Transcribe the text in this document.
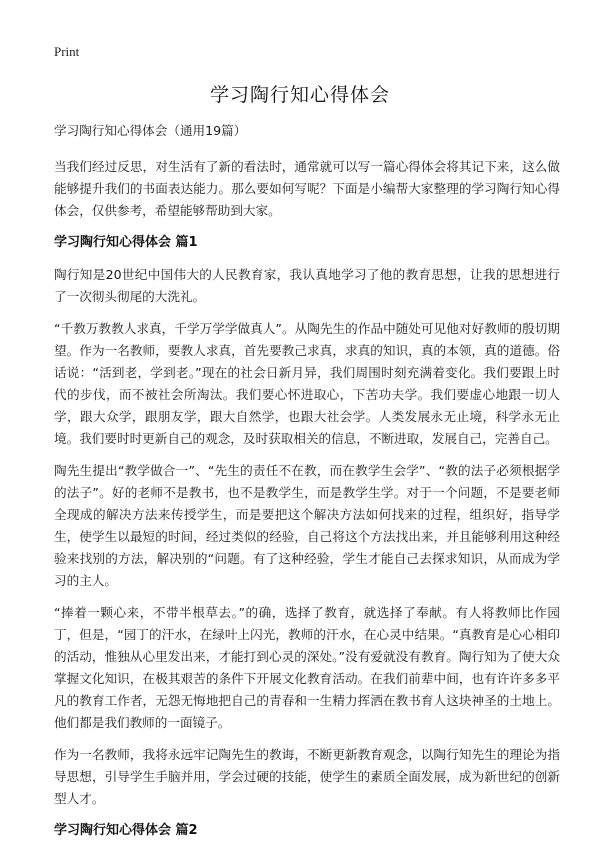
Print
学习陶行知心得体会

学习陶行知心得体会（通用19篇）

当我们经过反思，对生活有了新的看法时，通常就可以写一篇心得体会将其记下来，这么做能够提升我们的书面表达能力。那么要如何写呢？下面是小编帮大家整理的学习陶行知心得体会，仅供参考，希望能够帮助到大家。

学习陶行知心得体会 篇1

陶行知是20世纪中国伟大的人民教育家，我认真地学习了他的教育思想，让我的思想进行了一次彻头彻尾的大洗礼。

“千教万教教人求真，千学万学学做真人”。从陶先生的作品中随处可见他对好教师的殷切期望。作为一名教师，要教人求真，首先要教己求真，求真的知识，真的本领，真的道德。俗话说：“活到老，学到老。”现在的社会日新月异，我们周围时刻充满着变化。我们要跟上时代的步伐，而不被社会所淘汰。我们要心怀进取心，下苦功夫学。我们要虚心地跟一切人学，跟大众学，跟朋友学，跟大自然学，也跟大社会学。人类发展永无止境，科学永无止境。我们要时时更新自己的观念，及时获取相关的信息，不断进取，发展自己，完善自己。

陶先生提出“教学做合一”、“先生的责任不在教，而在教学生会学”、“教的法子必须根据学的法子”。好的老师不是教书，也不是教学生，而是教学生学。对于一个问题，不是要老师全现成的解决方法来传授学生，而是要把这个解决方法如何找来的过程，组织好，指导学生，使学生以最短的时间，经过类似的经验，自己将这个方法找出来，并且能够利用这种经验来找别的方法，解决别的“问题。有了这种经验，学生才能自己去探求知识，从而成为学习的主人。

“捧着一颗心来，不带半根草去。”的确，选择了教育，就选择了奉献。有人将教师比作园丁，但是，“园丁的汗水，在绿叶上闪光，教师的汗水，在心灵中结果。“真教育是心心相印的活动，惟独从心里发出来，才能打到心灵的深处。”没有爱就没有教育。陶行知为了使大众掌握文化知识，在极其艰苦的条件下开展文化教育活动。在我们前辈中间，也有许许多多平凡的教育工作者，无怨无悔地把自己的青春和一生精力挥洒在教书育人这块神圣的土地上。他们都是我们教师的一面镜子。

作为一名教师，我将永远牢记陶先生的教诲，不断更新教育观念，以陶行知先生的理论为指导思想，引导学生手脑并用，学会过硬的技能，使学生的素质全面发展，成为新世纪的创新型人才。

学习陶行知心得体会 篇2
